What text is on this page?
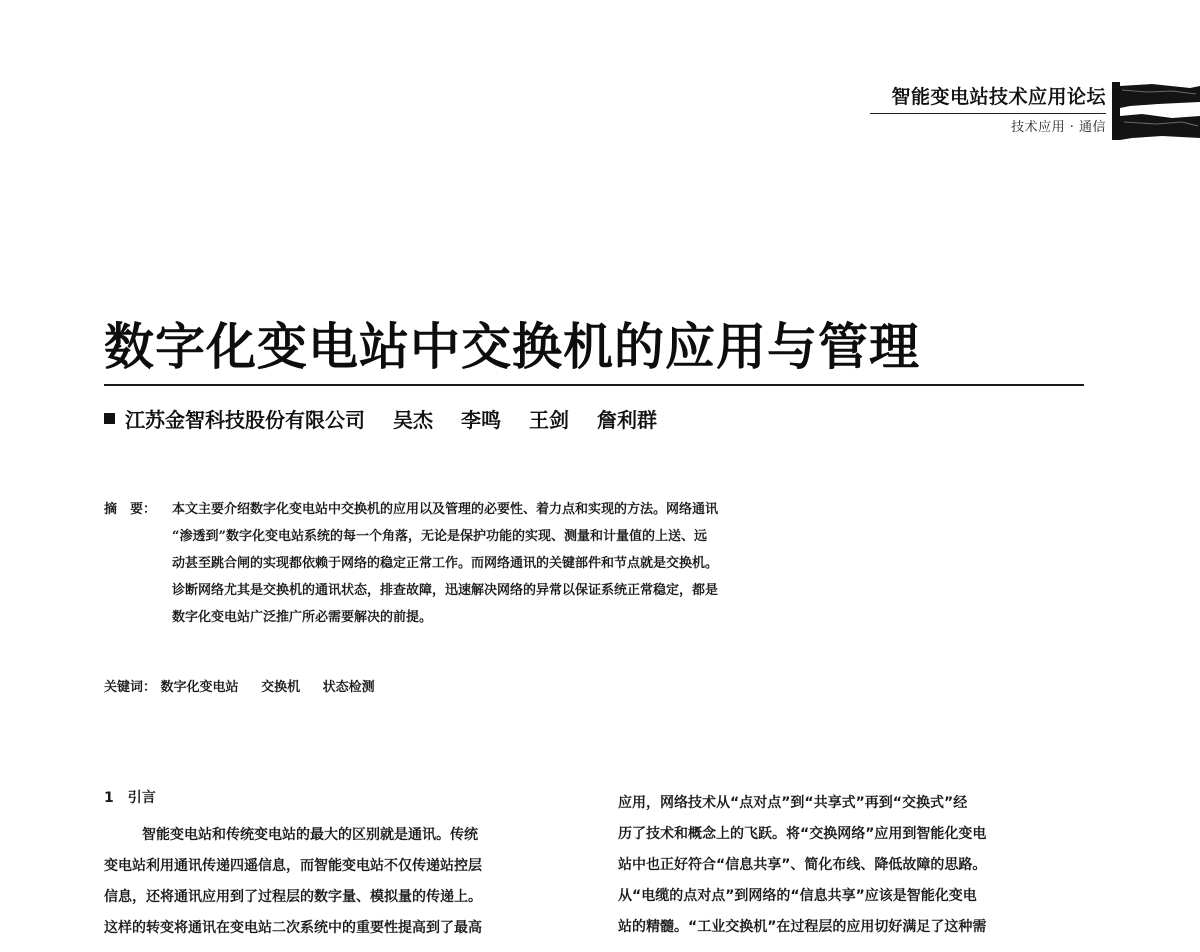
智能变电站技术应用论坛
技术应用 · 通信
数字化变电站中交换机的应用与管理
江苏金智科技股份有限公司 吴杰 李鸣 王剑 詹利群
摘　要：	本文主要介绍数字化变电站中交换机的应用以及管理的必要性、着力点和实现的方法。网络通讯
“渗透到”数字化变电站系统的每一个角落，无论是保护功能的实现、测量和计量值的上送、远
动甚至跳合闸的实现都依赖于网络的稳定正常工作。而网络通讯的关键部件和节点就是交换机。
诊断网络尤其是交换机的通讯状态，排查故障，迅速解决网络的异常以保证系统正常稳定，都是
数字化变电站广泛推广所必需要解决的前提。
关键词： 数字化变电站 交换机 状态检测
1　引言
智能变电站和传统变电站的最大的区别就是通讯。传统
变电站利用通讯传递四遥信息，而智能变电站不仅传递站控层
信息，还将通讯应用到了过程层的数字量、模拟量的传递上。
这样的转变将通讯在变电站二次系统中的重要性提高到了最高
应用，网络技术从“点对点”到“共享式”再到“交换式”经
历了技术和概念上的飞跃。将“交换网络”应用到智能化变电
站中也正好符合“信息共享”、简化布线、降低故障的思路。
从“电缆的点对点”到网络的“信息共享”应该是智能化变电
站的精髓。“工业交换机”在过程层的应用切好满足了这种需
